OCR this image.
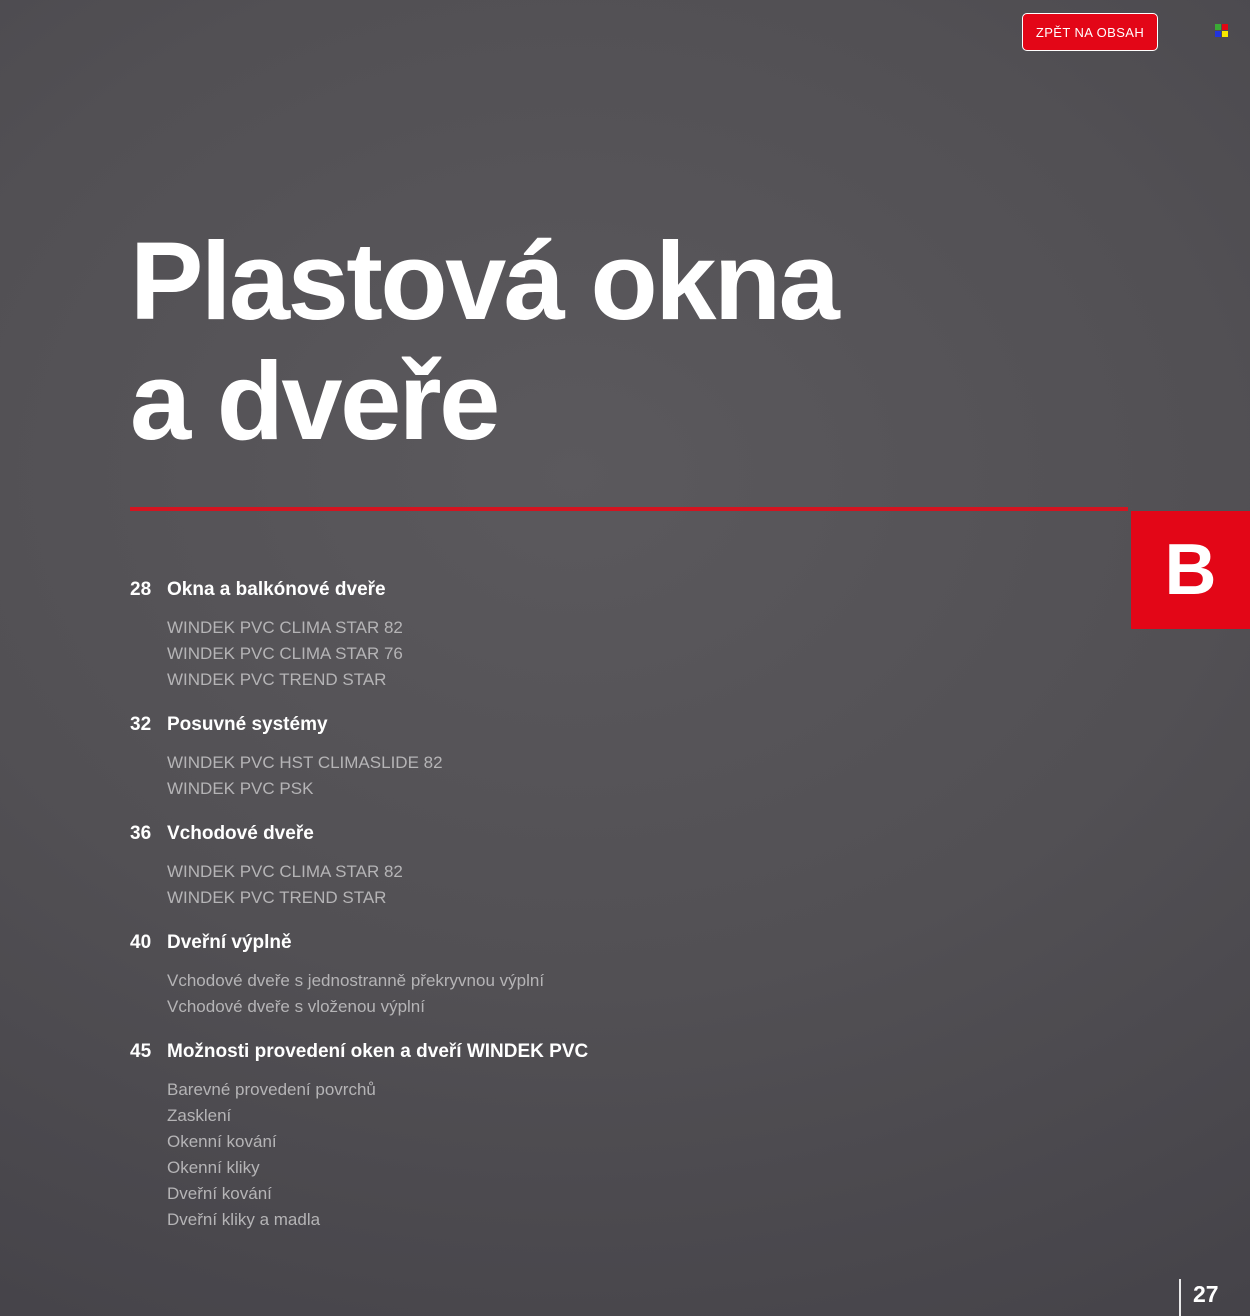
ZPĚT NA OBSAH
Plastová okna
a dveře
B
28 Okna a balkónové dveře
WINDEK PVC CLIMA STAR 82
WINDEK PVC CLIMA STAR 76
WINDEK PVC TREND STAR
32 Posuvné systémy
WINDEK PVC HST CLIMASLIDE 82
WINDEK PVC PSK
36 Vchodové dveře
WINDEK PVC CLIMA STAR 82
WINDEK PVC TREND STAR
40 Dveřní výplně
Vchodové dveře s jednostranně překryvnou výplní
Vchodové dveře s vloženou výplní
45 Možnosti provedení oken a dveří WINDEK PVC
Barevné provedení povrchů
Zasklení
Okenní kování
Okenní kliky
Dveřní kování
Dveřní kliky a madla
27
